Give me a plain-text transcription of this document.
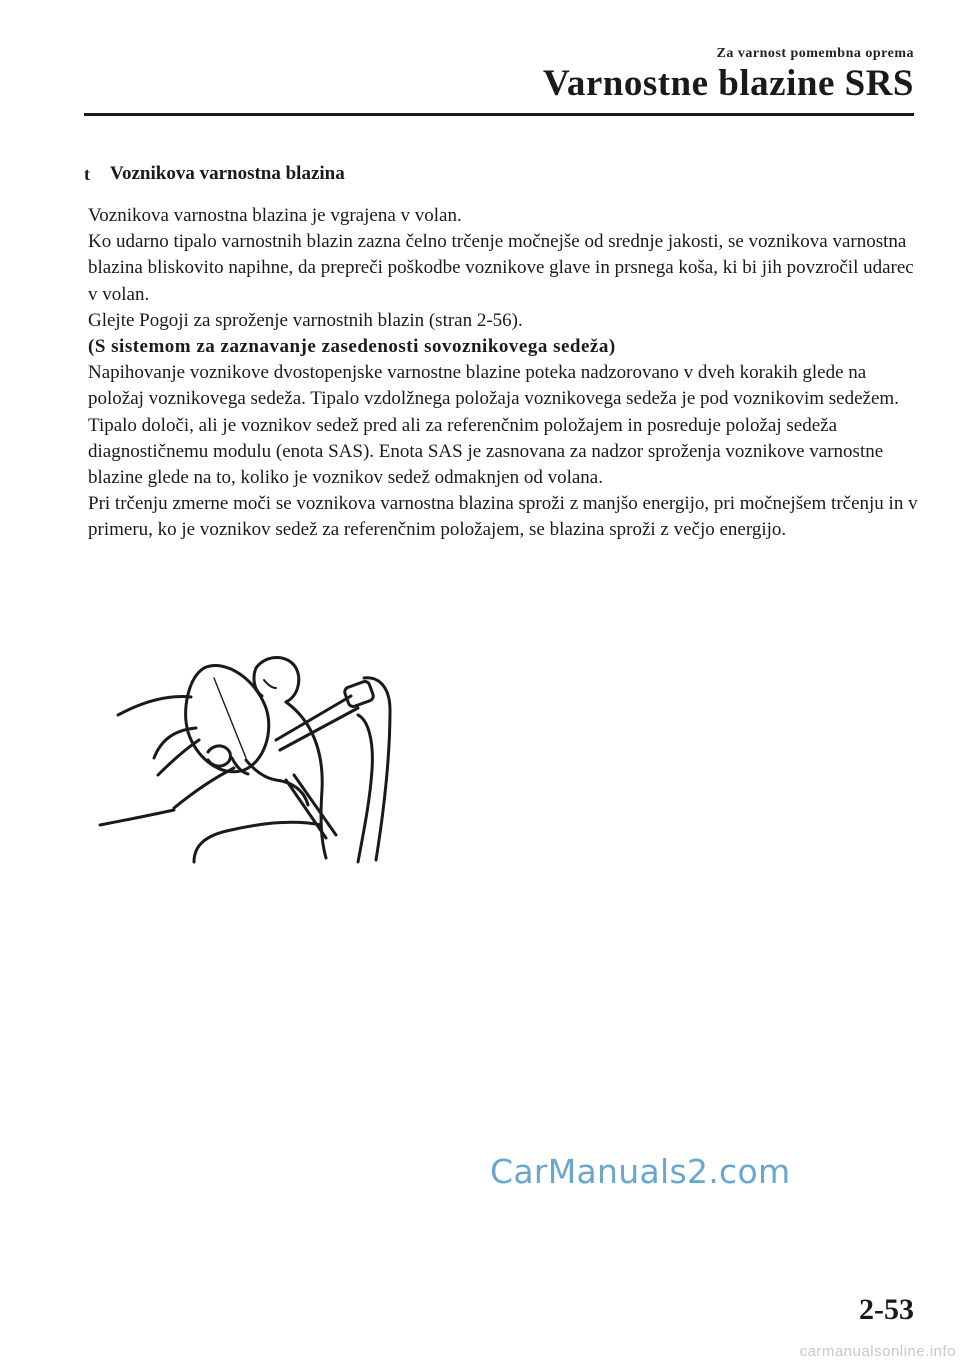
Za varnost pomembna oprema
Varnostne blazine SRS
t	Voznikova varnostna blazina

Voznikova varnostna blazina je vgrajena v volan.

Ko udarno tipalo varnostnih blazin zazna čelno trčenje močnejše od srednje jakosti, se voznikova varnostna blazina bliskovito napihne, da prepreči poškodbe voznikove glave in prsnega koša, ki bi jih povzročil udarec v volan.

Glejte Pogoji za sproženje varnostnih blazin (stran 2-56).

(S sistemom za zaznavanje zasedenosti sovoznikovega sedeža)

Napihovanje voznikove dvostopenjske varnostne blazine poteka nadzorovano v dveh korakih glede na položaj voznikovega sedeža. Tipalo vzdolžnega položaja voznikovega sedeža je pod voznikovim sedežem. Tipalo določi, ali je voznikov sedež pred ali za referenčnim položajem in posreduje položaj sedeža diagnostičnemu modulu (enota SAS). Enota SAS je zasnovana za nadzor sproženja voznikove varnostne blazine glede na to, koliko je voznikov sedež odmaknjen od volana.

Pri trčenju zmerne moči se voznikova varnostna blazina sproži z manjšo energijo, pri močnejšem trčenju in v primeru, ko je voznikov sedež za referenčnim položajem, se blazina sproži z večjo energijo.

CarManuals2.com
2-53
carmanualsonline.info
